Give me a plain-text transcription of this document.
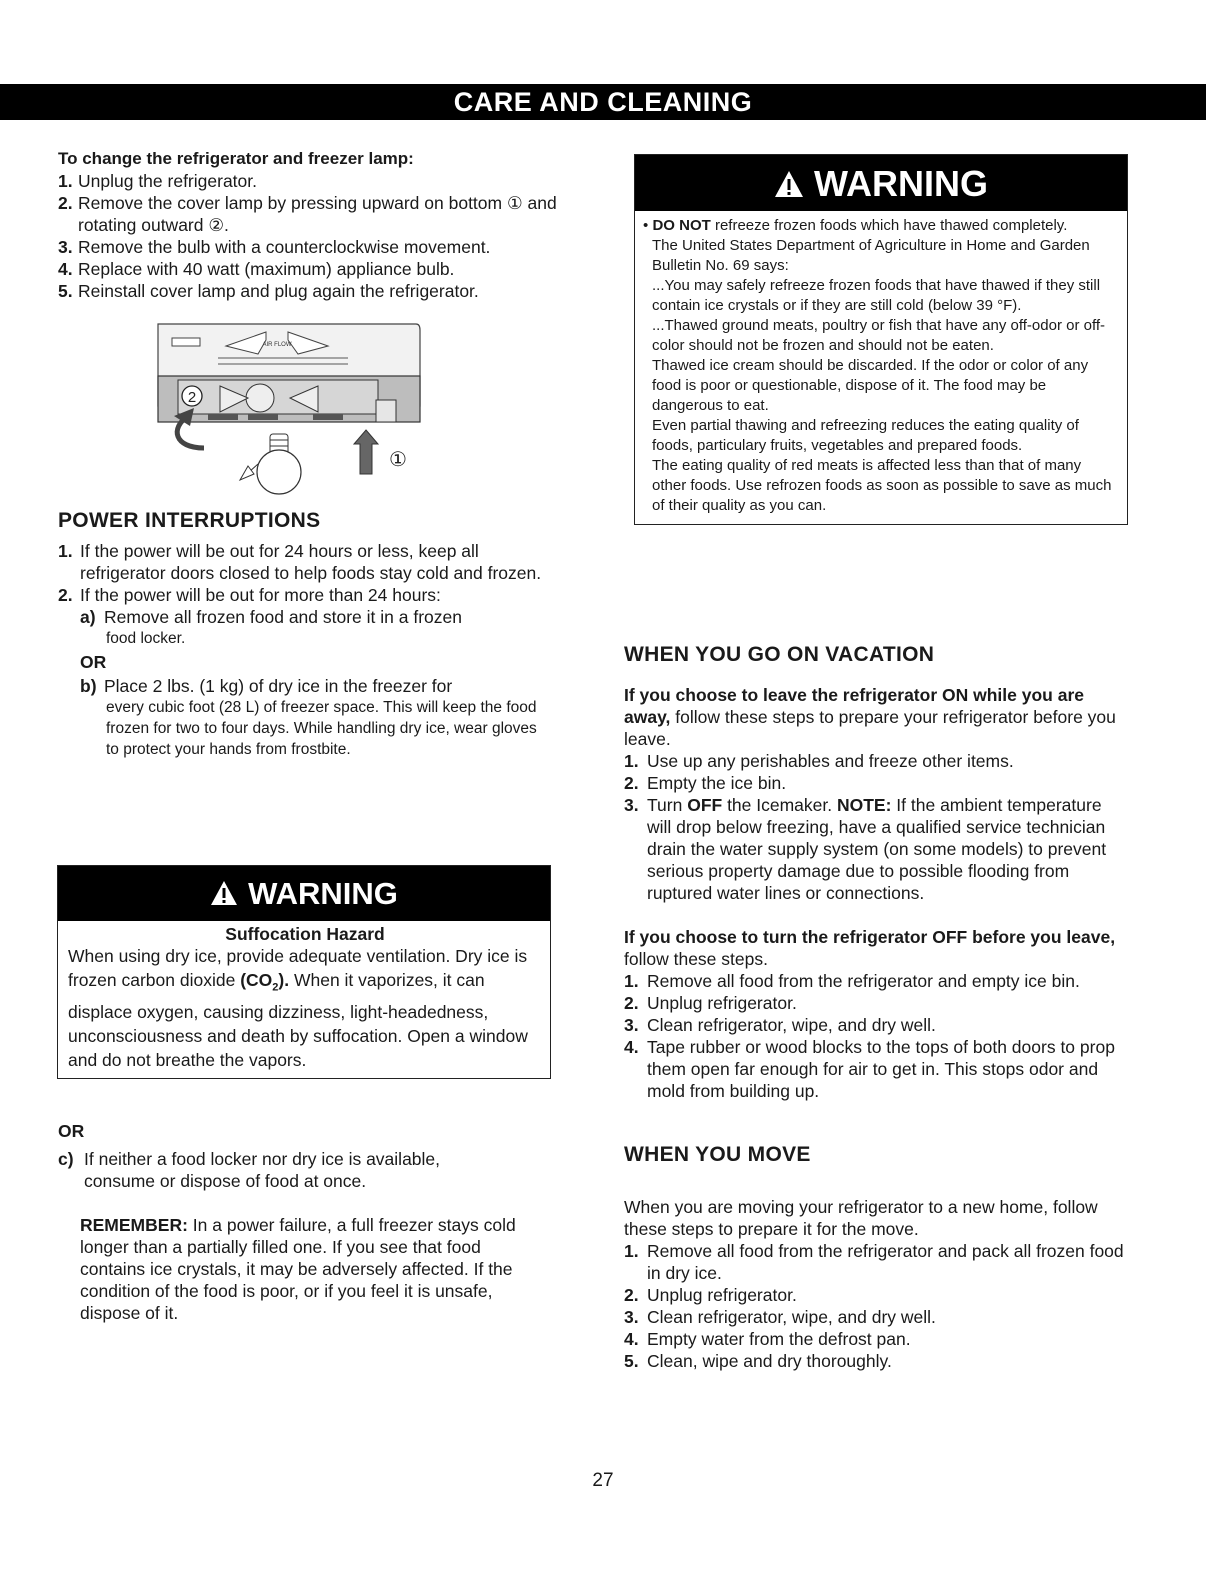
CARE AND CLEANING

To change the refrigerator and freezer lamp:

1. Unplug the refrigerator.
2. Remove the cover lamp by pressing upward on bottom ① and rotating outward ②.
3. Remove the bulb with a counterclockwise movement.
4. Replace with 40 watt (maximum) appliance bulb.
5. Reinstall cover lamp and plug again the refrigerator.
AIR FLOW
2
①
POWER INTERRUPTIONS
1. If the power will be out for 24 hours or less, keep all refrigerator doors closed to help foods stay cold and frozen.
2. If the power will be out for more than 24 hours:
a) Remove all frozen food and store it in a frozen
food locker.
OR
b) Place 2 lbs. (1 kg) of dry ice in the freezer for
every cubic foot (28 L) of freezer space. This will keep the food frozen for two to four days. While handling dry ice, wear gloves to protect your hands from frostbite.
WARNING
Suffocation Hazard
When using dry ice, provide adequate ventilation. Dry ice is frozen carbon dioxide $(CO_2)$. When it vaporizes, it can displace oxygen, causing dizziness, light-headedness, unconsciousness and death by suffocation. Open a window and do not breathe the vapors.
OR
c) If neither a food locker nor dry ice is available, consume or dispose of food at once.
REMEMBER: In a power failure, a full freezer stays cold longer than a partially filled one. If you see that food contains ice crystals, it may be adversely affected. If the condition of the food is poor, or if you feel it is unsafe, dispose of it.
WARNING

• DO NOT refreeze frozen foods which have thawed completely.

The United States Department of Agriculture in Home and Garden Bulletin No. 69 says:

...You may safely refreeze frozen foods that have thawed if they still contain ice crystals or if they are still cold (below 39 °F).

...Thawed ground meats, poultry or fish that have any off-odor or off-color should not be frozen and should not be eaten.

Thawed ice cream should be discarded. If the odor or color of any food is poor or questionable, dispose of it. The food may be dangerous to eat.

Even partial thawing and refreezing reduces the eating quality of foods, particulary fruits, vegetables and prepared foods.

The eating quality of red meats is affected less than that of many other foods. Use refrozen foods as soon as possible to save as much of their quality as you can.

WHEN YOU GO ON VACATION

If you choose to leave the refrigerator ON while you are away, follow these steps to prepare your refrigerator before you leave.

1. Use up any perishables and freeze other items.
2. Empty the ice bin.
3. Turn OFF the Icemaker. NOTE: If the ambient temperature will drop below freezing, have a qualified service technician drain the water supply system (on some models) to prevent serious property damage due to possible flooding from ruptured water lines or connections.

If you choose to turn the refrigerator OFF before you leave, follow these steps.

1. Remove all food from the refrigerator and empty ice bin.
2. Unplug refrigerator.
3. Clean refrigerator, wipe, and dry well.
4. Tape rubber or wood blocks to the tops of both doors to prop them open far enough for air to get in. This stops odor and mold from building up.
WHEN YOU MOVE

When you are moving your refrigerator to a new home, follow these steps to prepare it for the move.

1. Remove all food from the refrigerator and pack all frozen food in dry ice.
2. Unplug refrigerator.
3. Clean refrigerator, wipe, and dry well.
4. Empty water from the defrost pan.
5. Clean, wipe and dry thoroughly.
27
